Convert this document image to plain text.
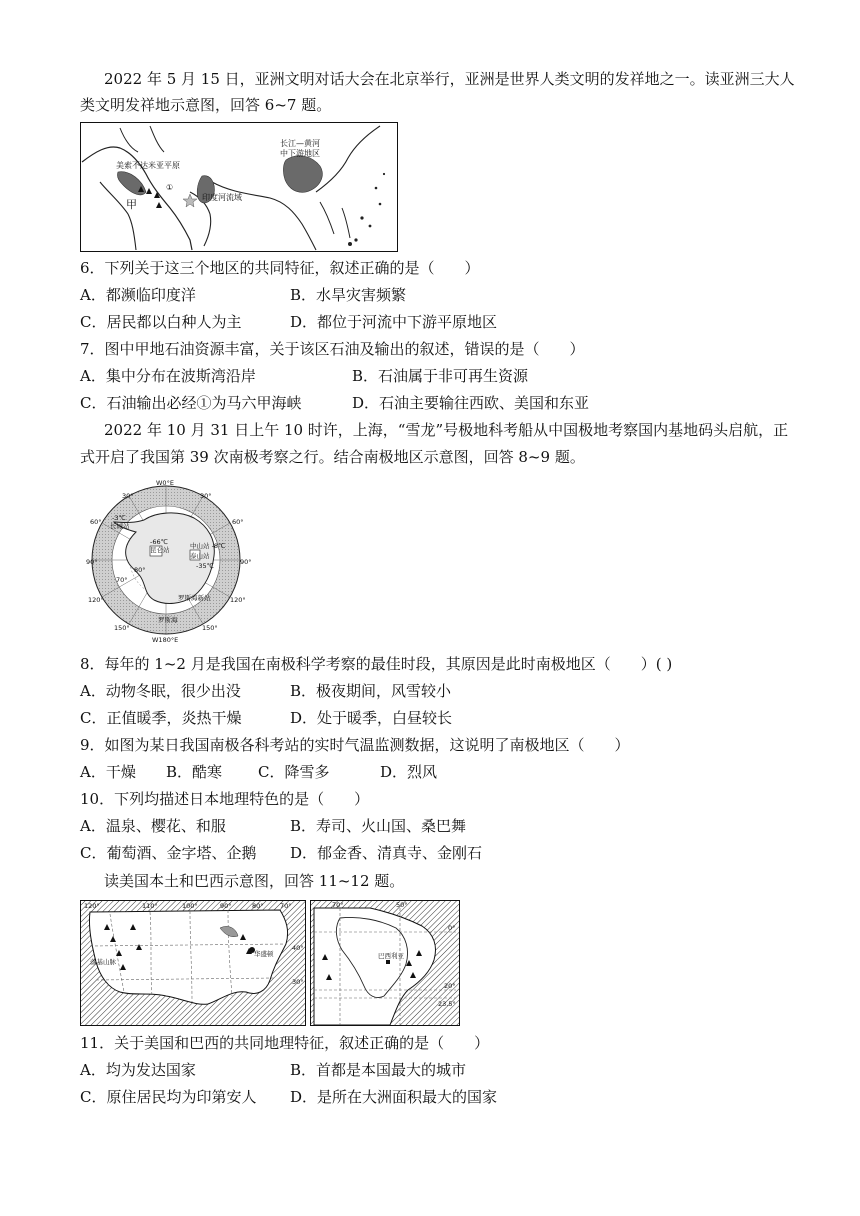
2022 年 5 月 15 日，亚洲文明对话大会在北京举行，亚洲是世界人类文明的发祥地之一。读亚洲三大人
类文明发祥地示意图，回答 6~7 题。
美索不达米亚平原
①
甲
印度河流域
长江—黄河
中下游地区
6．下列关于这三个地区的共同特征，叙述正确的是（　　）
A．都濒临印度洋	B．水旱灾害频繁
C．居民都以白种人为主	D．都位于河流中下游平原地区
7．图中甲地石油资源丰富，关于该区石油及输出的叙述，错误的是（　　）
A．集中分布在波斯湾沿岸	B．石油属于非可再生资源
C．石油输出必经①为马六甲海峡	D．石油主要输往西欧、美国和东亚
2022 年 10 月 31 日上午 10 时许，上海，“雪龙”号极地科考船从中国极地考察国内基地码头启航，正
式开启了我国第 39 次南极考察之行。结合南极地区示意图，回答 8~9 题。
W0°E
W180°E
30°	30°
60°	60°
90°	90°
120°	120°
150°	150°
70°
80°
-3℃
长城站
-66℃
昆仑站	中山站 -8℃
泰山站
-35℃
罗斯海新站
罗斯海
8．每年的 1~2 月是我国在南极科学考察的最佳时段，其原因是此时南极地区（　　）( )
A．动物冬眠，很少出没	B．极夜期间，风雪较小
C．正值暖季，炎热干燥	D．处于暖季，白昼较长
9．如图为某日我国南极各科考站的实时气温监测数据，这说明了南极地区（　　）
A．干燥 B．酷寒 C．降雪多	D．烈风
10．下列均描述日本地理特色的是（　　）
A．温泉、樱花、和服	B．寿司、火山国、桑巴舞
C．葡萄酒、金字塔、企鹅 D．郁金香、清真寺、金刚石
读美国本土和巴西示意图，回答 11~12 题。
120°	110°	100°	90°	80°	70°
40°
30°
落基山脉
华盛顿
70°	50°
0°
20°
23.5°
巴西利亚
11．关于美国和巴西的共同地理特征，叙述正确的是（　　）
A．均为发达国家	B．首都是本国最大的城市
C．原住居民均为印第安人 D．是所在大洲面积最大的国家
